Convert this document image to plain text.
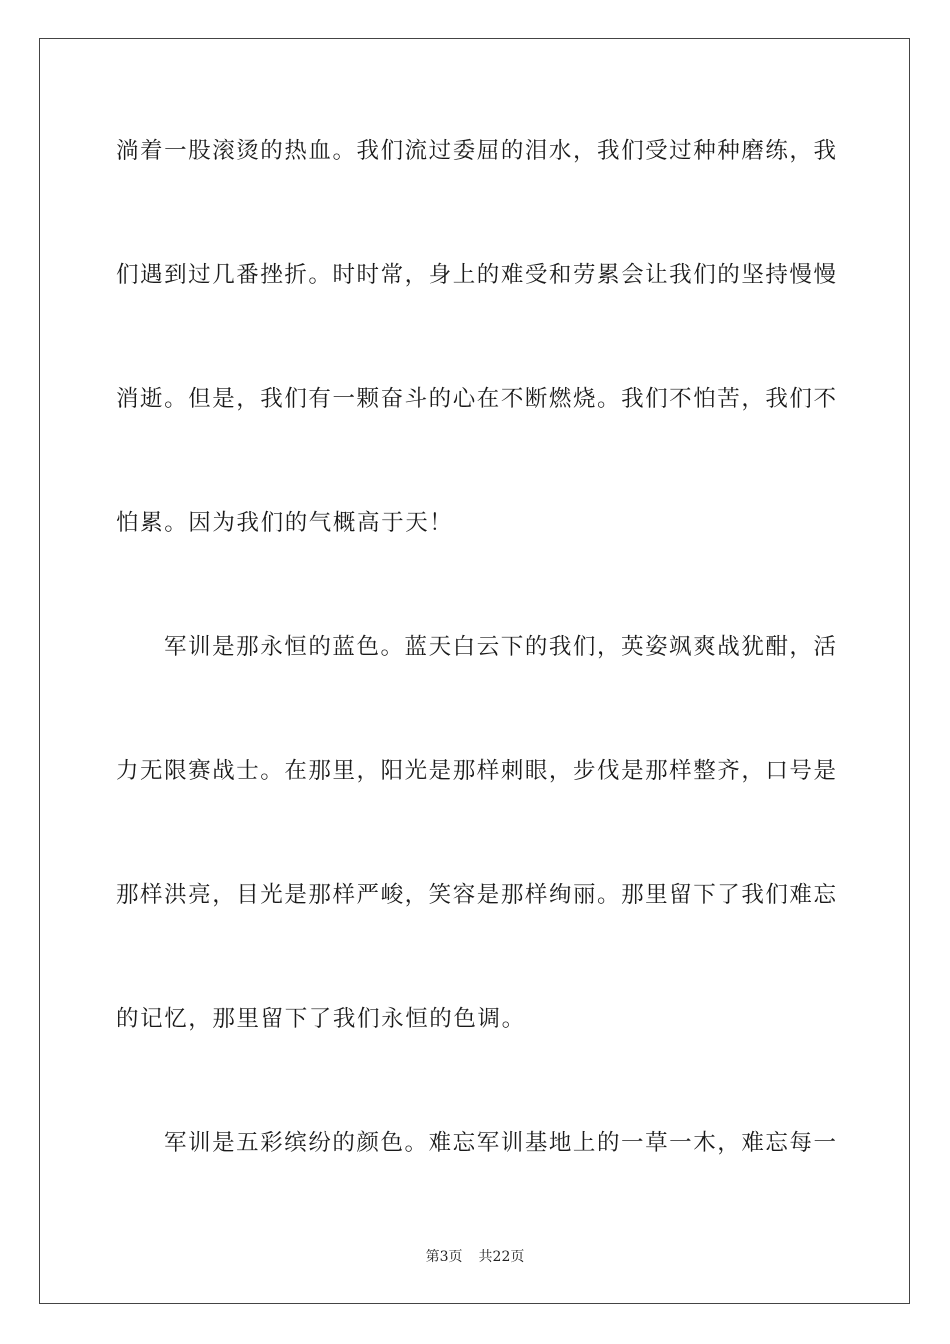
淌着一股滚烫的热血。我们流过委屈的泪水，我们受过种种磨练，我
们遇到过几番挫折。时时常，身上的难受和劳累会让我们的坚持慢慢
消逝。但是，我们有一颗奋斗的心在不断燃烧。我们不怕苦，我们不
怕累。因为我们的气概高于天！
军训是那永恒的蓝色。蓝天白云下的我们，英姿飒爽战犹酣，活
力无限赛战士。在那里，阳光是那样刺眼，步伐是那样整齐，口号是
那样洪亮，目光是那样严峻，笑容是那样绚丽。那里留下了我们难忘
的记忆，那里留下了我们永恒的色调。
军训是五彩缤纷的颜色。难忘军训基地上的一草一木，难忘每一
第3页 共22页
